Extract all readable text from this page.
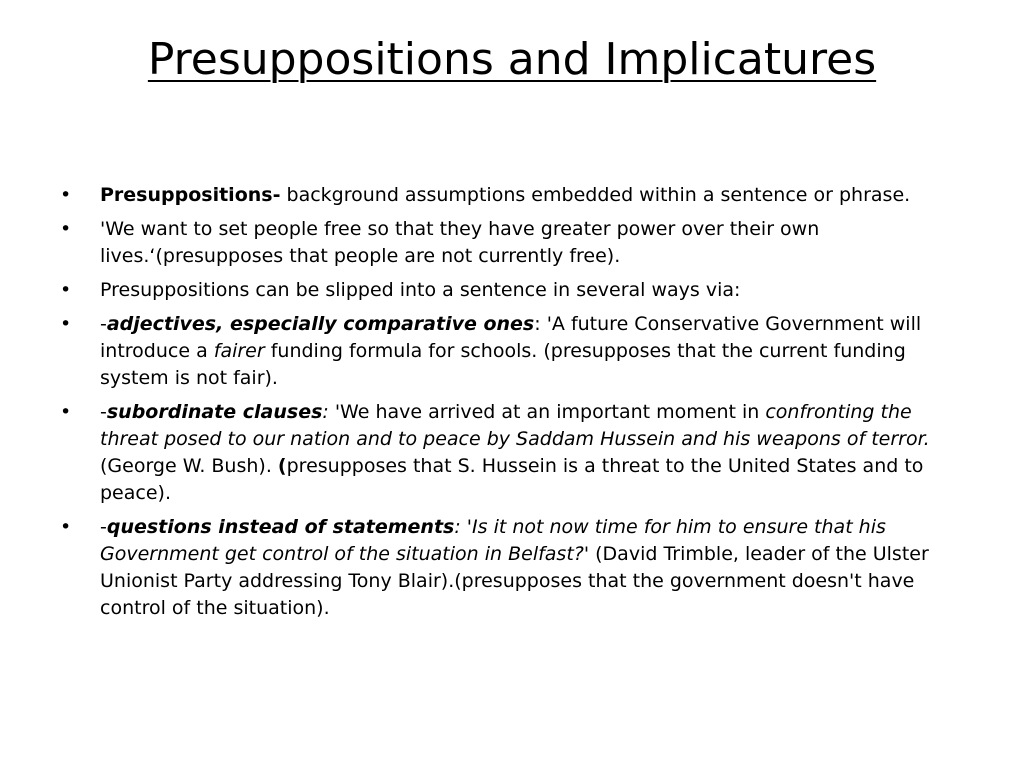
Presuppositions and Implicatures
•	Presuppositions- background assumptions embedded within a sentence or phrase.
•	'We want to set people free so that they have greater power over their own lives.‘(presupposes that people are not currently free).
•	Presuppositions can be slipped into a sentence in several ways via:
•	-adjectives, especially comparative ones: 'A future Conservative Government will introduce a fairer funding formula for schools. (presupposes that the current funding system is not fair).
•	-subordinate clauses: 'We have arrived at an important moment in confronting the threat posed to our nation and to peace by Saddam Hussein and his weapons of terror.(George W. Bush). (presupposes that S. Hussein is a threat to the United States and to peace).
•	-questions instead of statements: 'Is it not now time for him to ensure that his Government get control of the situation in Belfast?' (David Trimble, leader of the Ulster Unionist Party addressing Tony Blair).(presupposes that the government doesn't have control of the situation).
